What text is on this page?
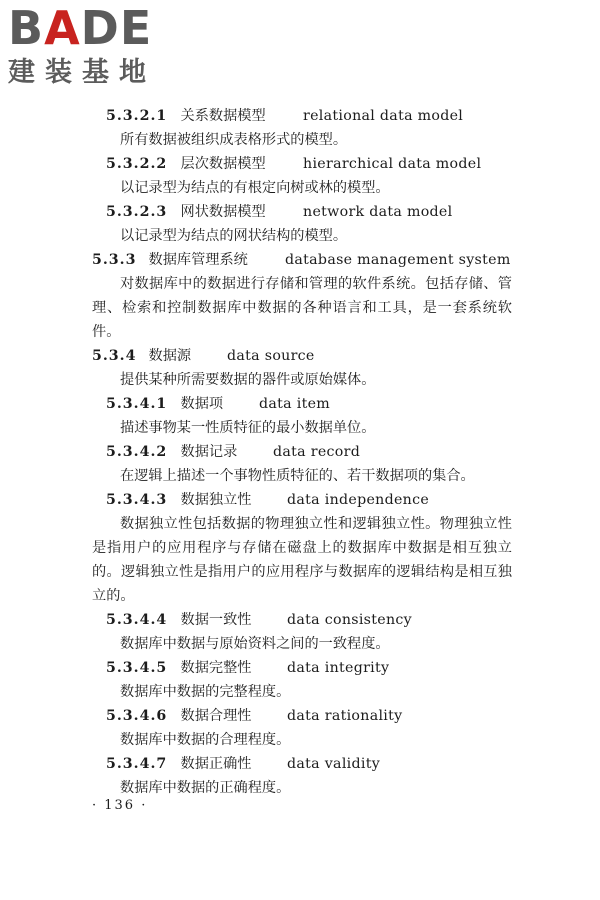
BADE
建装基地
5.3.2.1 关系数据模型	relational data model
所有数据被组织成表格形式的模型。
5.3.2.2 层次数据模型	hierarchical data model
以记录型为结点的有根定向树或林的模型。
5.3.2.3 网状数据模型	network data model
以记录型为结点的网状结构的模型。
5.3.3 数据库管理系统	database management system
对数据库中的数据进行存储和管理的软件系统。包括存储、管理、检索和控制数据库中数据的各种语言和工具，是一套系统软件。
5.3.4 数据源	data source
提供某种所需要数据的器件或原始媒体。
5.3.4.1 数据项	data item
描述事物某一性质特征的最小数据单位。
5.3.4.2 数据记录	data record
在逻辑上描述一个事物性质特征的、若干数据项的集合。
5.3.4.3 数据独立性	data independence
数据独立性包括数据的物理独立性和逻辑独立性。物理独立性是指用户的应用程序与存储在磁盘上的数据库中数据是相互独立的。逻辑独立性是指用户的应用程序与数据库的逻辑结构是相互独立的。
5.3.4.4 数据一致性	data consistency
数据库中数据与原始资料之间的一致程度。
5.3.4.5 数据完整性	data integrity
数据库中数据的完整程度。
5.3.4.6 数据合理性	data rationality
数据库中数据的合理程度。
5.3.4.7 数据正确性	data validity
数据库中数据的正确程度。
· 136 ·
